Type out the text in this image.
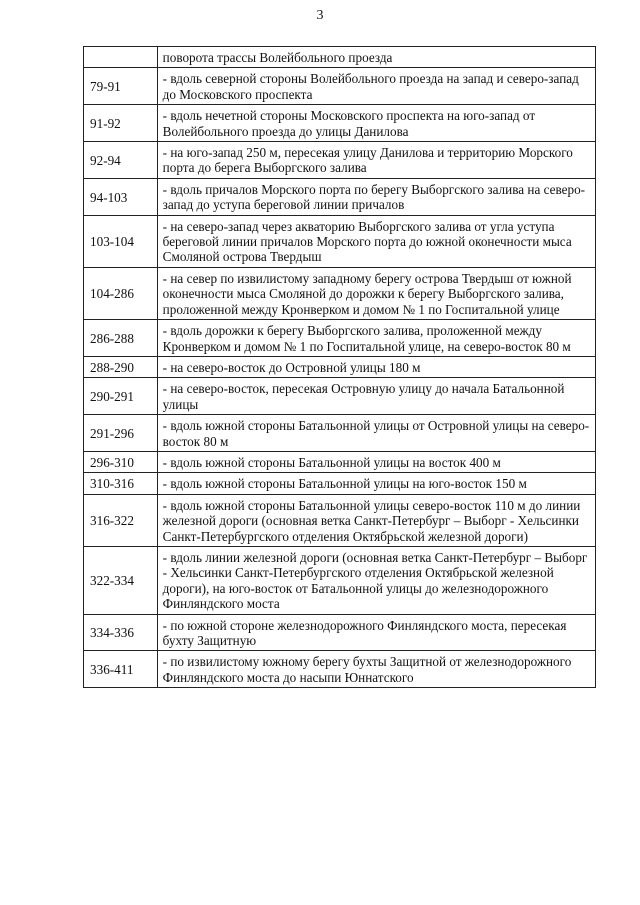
3
	поворота трассы Волейбольного проезда
79-91	- вдоль северной стороны Волейбольного проезда на запад и северо-запад до Московского проспекта
91-92	- вдоль нечетной стороны Московского проспекта на юго-запад от Волейбольного проезда до улицы Данилова
92-94	- на юго-запад 250 м, пересекая улицу Данилова и территорию Морского порта до берега Выборгского залива
94-103	- вдоль причалов Морского порта по берегу Выборгского залива на северо-запад до уступа береговой линии причалов
103-104	- на северо-запад через акваторию Выборгского залива от угла уступа береговой линии причалов Морского порта до южной оконечности мыса Смоляной острова Твердыш
104-286	- на север по извилистому западному берегу острова Твердыш от южной оконечности мыса Смоляной до дорожки к берегу Выборгского залива, проложенной между Кронверком и домом № 1 по Госпитальной улице
286-288	- вдоль дорожки к берегу Выборгского залива, проложенной между Кронверком и домом № 1 по Госпитальной улице, на северо-восток 80 м
288-290	- на северо-восток до Островной улицы 180 м
290-291	- на северо-восток, пересекая Островную улицу до начала Батальонной улицы
291-296	- вдоль южной стороны Батальонной улицы от Островной улицы на северо-восток 80 м
296-310	- вдоль южной стороны Батальонной улицы на восток 400 м
310-316	- вдоль южной стороны Батальонной улицы на юго-восток 150 м
316-322	- вдоль южной стороны Батальонной улицы северо-восток 110 м до линии железной дороги (основная ветка Санкт-Петербург – Выборг - Хельсинки Санкт-Петербургского отделения Октябрьской железной дороги)
322-334	- вдоль линии железной дороги (основная ветка Санкт-Петербург – Выборг - Хельсинки Санкт-Петербургского отделения Октябрьской железной дороги), на юго-восток от Батальонной улицы до железнодорожного Финляндского моста
334-336	- по южной стороне железнодорожного Финляндского моста, пересекая бухту Защитную
336-411	- по извилистому южному берегу бухты Защитной от железнодорожного Финляндского моста до насыпи Юннатского
